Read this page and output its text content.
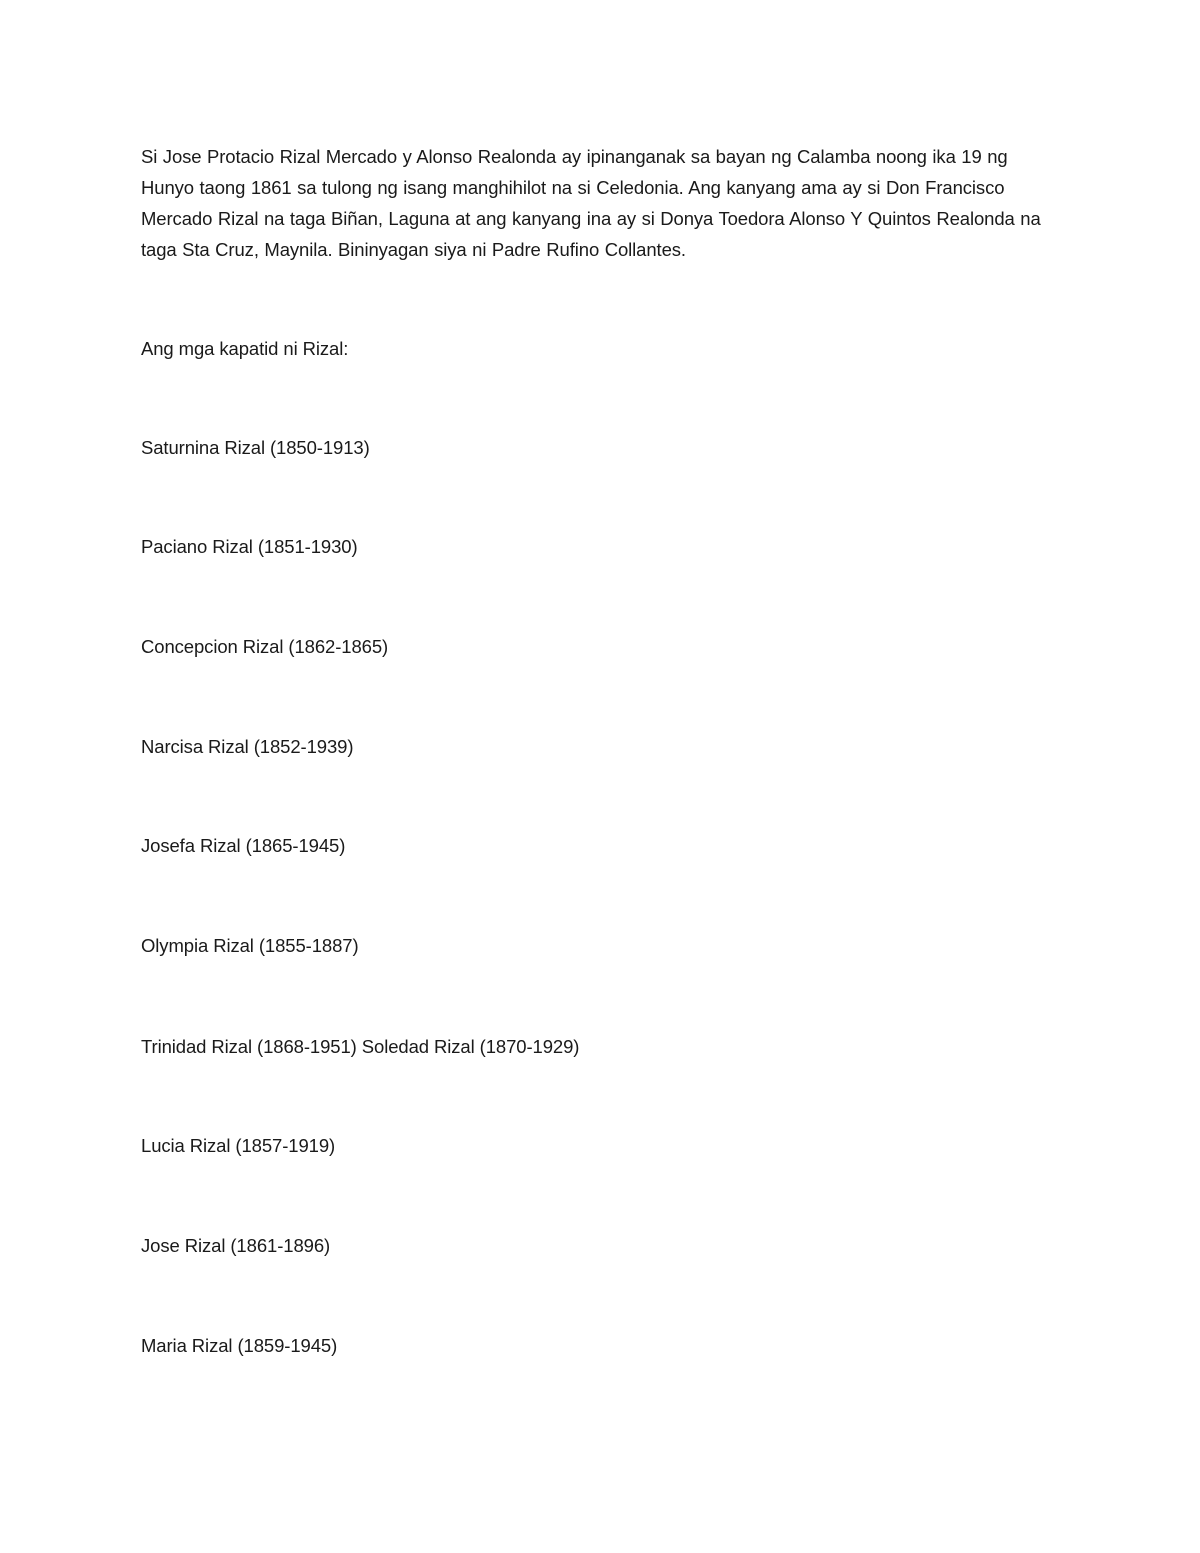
Si Jose Protacio Rizal Mercado y Alonso Realonda ay ipinanganak sa bayan ng Calamba noong ika 19 ng Hunyo taong 1861 sa tulong ng isang manghihilot na si Celedonia. Ang kanyang ama ay si Don Francisco Mercado Rizal na taga Biñan, Laguna at ang kanyang ina ay si Donya Toedora Alonso Y Quintos Realonda na taga Sta Cruz, Maynila. Bininyagan siya ni Padre Rufino Collantes.

Ang mga kapatid ni Rizal:

Saturnina Rizal (1850-1913)

Paciano Rizal (1851-1930)

Concepcion Rizal (1862-1865)

Narcisa Rizal (1852-1939)

Josefa Rizal (1865-1945)

Olympia Rizal (1855-1887)

Trinidad Rizal (1868-1951) Soledad Rizal (1870-1929)

Lucia Rizal (1857-1919)

Jose Rizal (1861-1896)

Maria Rizal (1859-1945)
